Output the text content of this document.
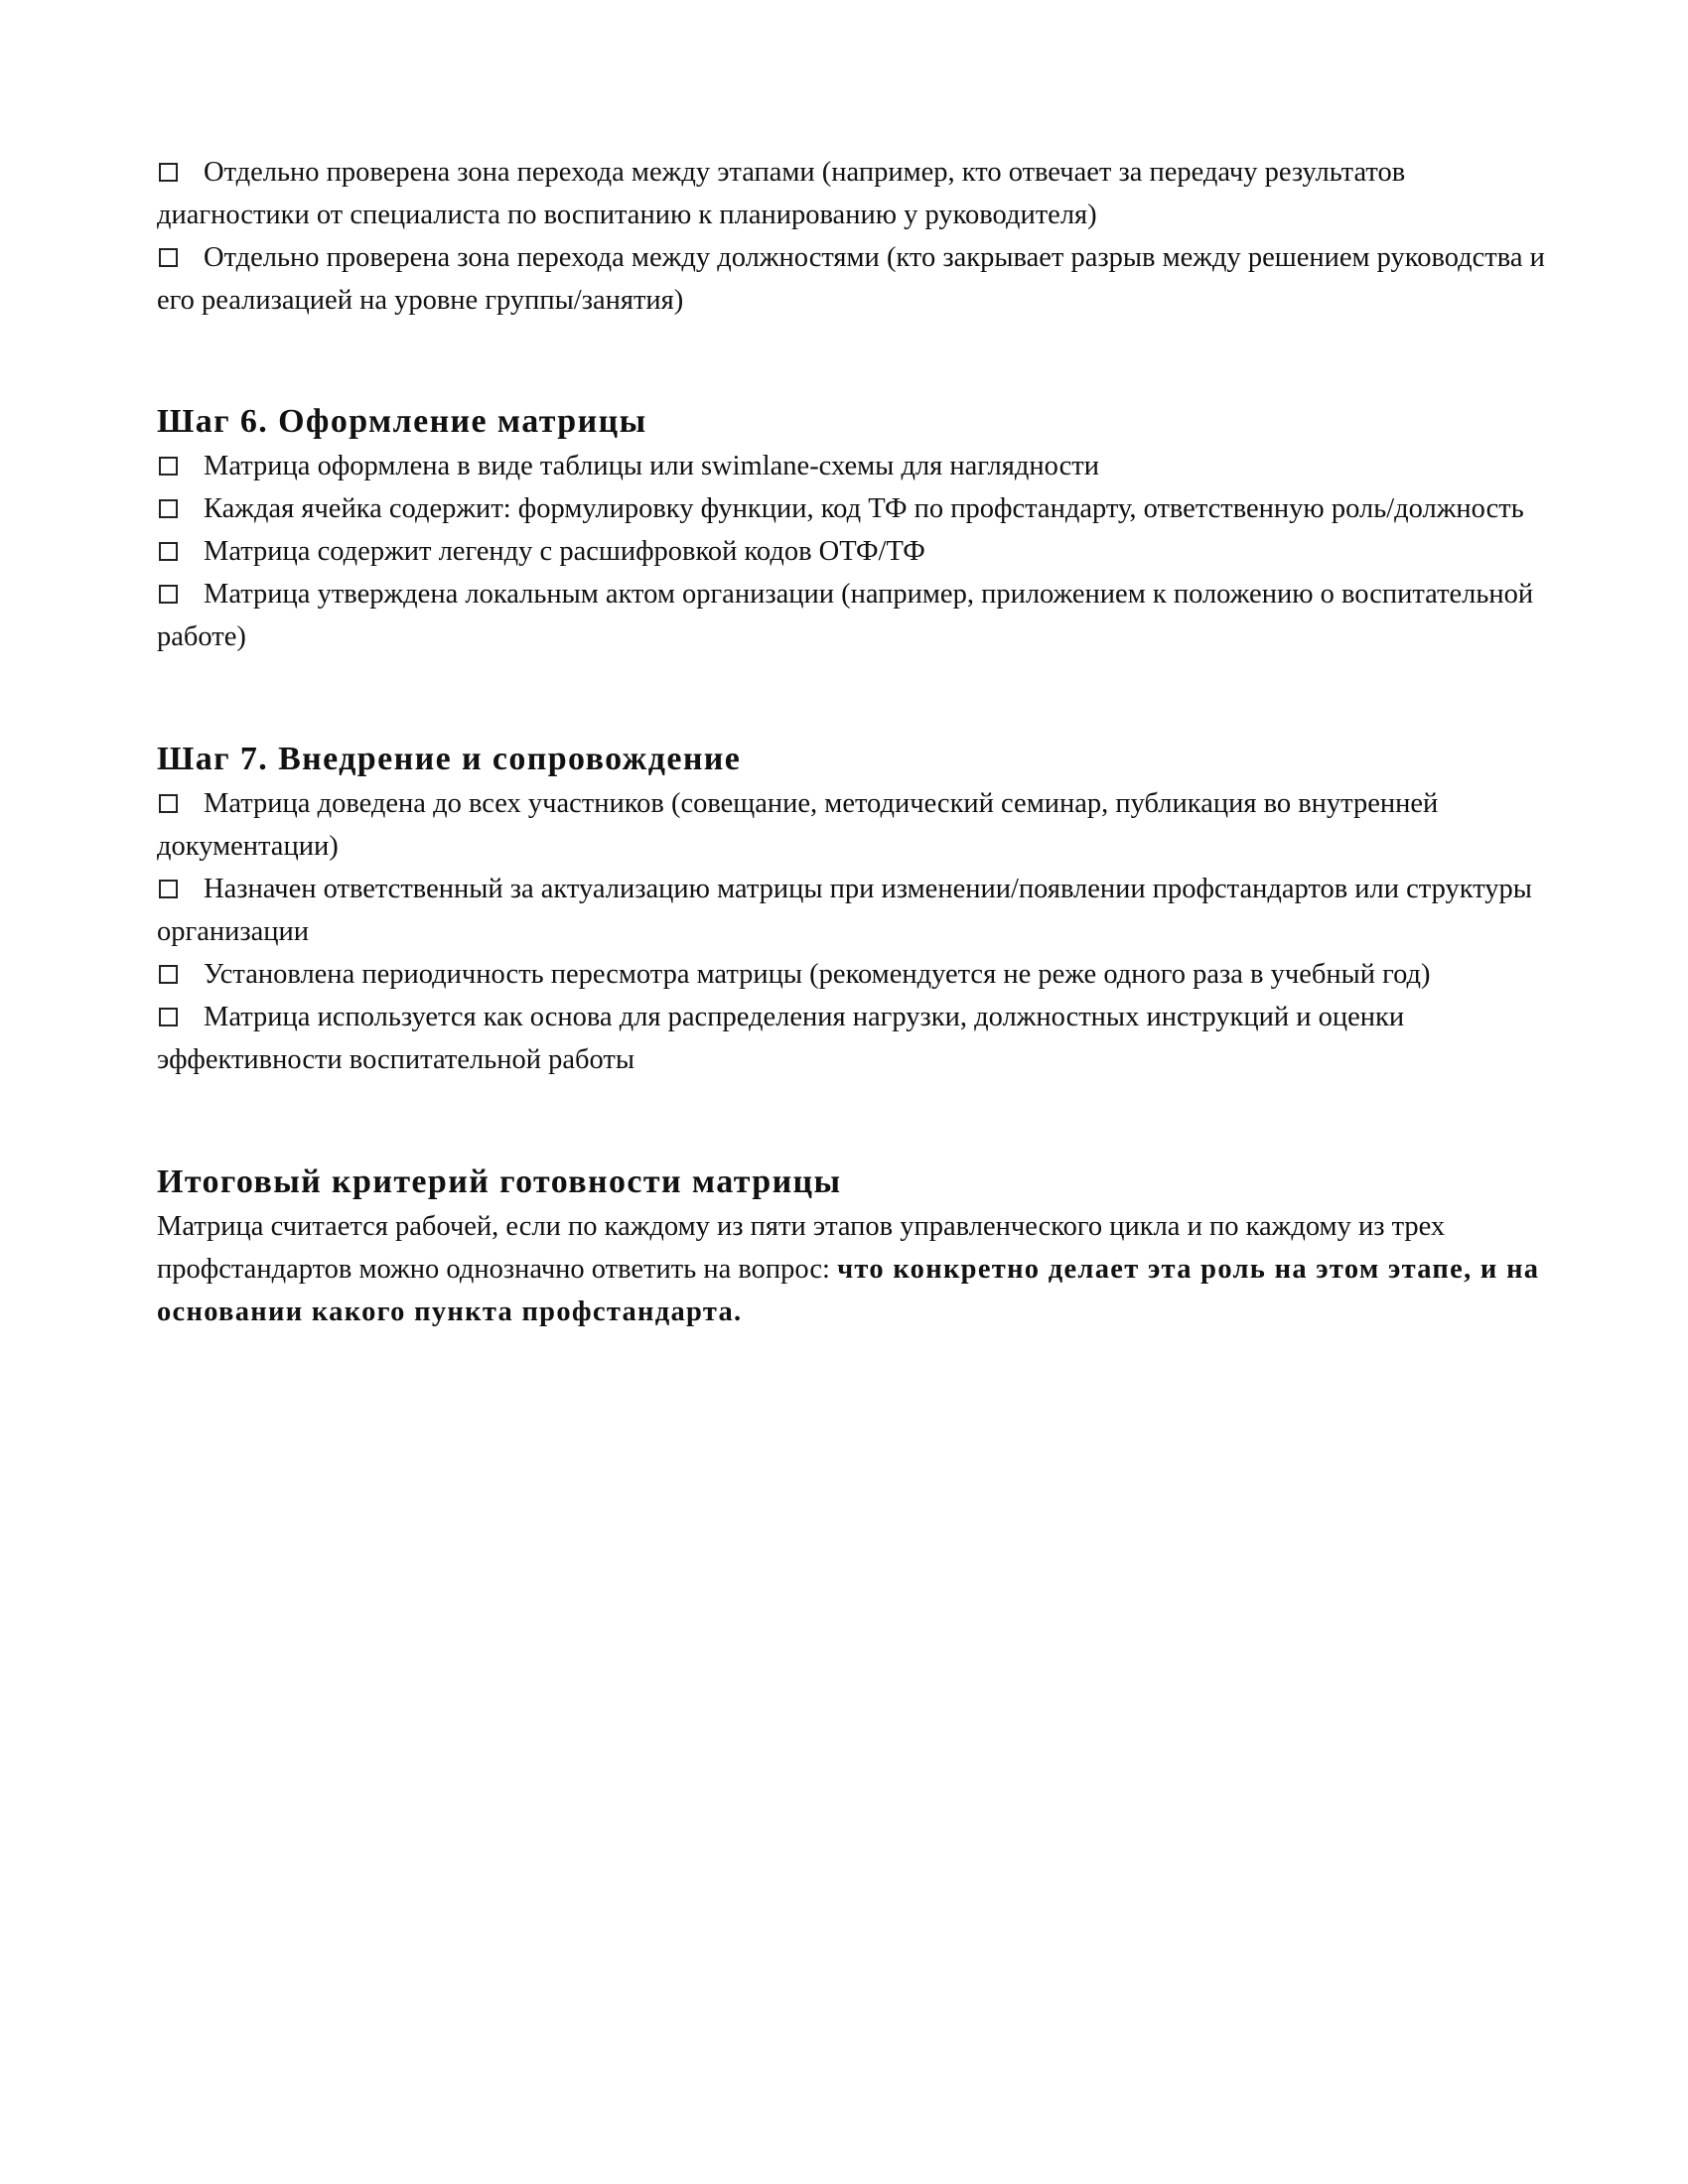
Отдельно проверена зона перехода между этапами (например, кто отвечает за передачу результатов диагностики от специалиста по воспитанию к планированию у руководителя)

Отдельно проверена зона перехода между должностями (кто закрывает разрыв между решением руководства и его реализацией на уровне группы/занятия)

Шаг 6. Оформление матрицы

Матрица оформлена в виде таблицы или swimlane-схемы для наглядности

Каждая ячейка содержит: формулировку функции, код ТФ по профстандарту, ответственную роль/должность

Матрица содержит легенду с расшифровкой кодов ОТФ/ТФ

Матрица утверждена локальным актом организации (например, приложением к положению о воспитательной работе)

Шаг 7. Внедрение и сопровождение

Матрица доведена до всех участников (совещание, методический семинар, публикация во внутренней документации)

Назначен ответственный за актуализацию матрицы при изменении/появлении профстандартов или структуры организации

Установлена периодичность пересмотра матрицы (рекомендуется не реже одного раза в учебный год)

Матрица используется как основа для распределения нагрузки, должностных инструкций и оценки эффективности воспитательной работы

Итоговый критерий готовности матрицы

Матрица считается рабочей, если по каждому из пяти этапов управленческого цикла и по каждому из трех профстандартов можно однозначно ответить на вопрос: что конкретно делает эта роль на этом этапе, и на основании какого пункта профстандарта.
